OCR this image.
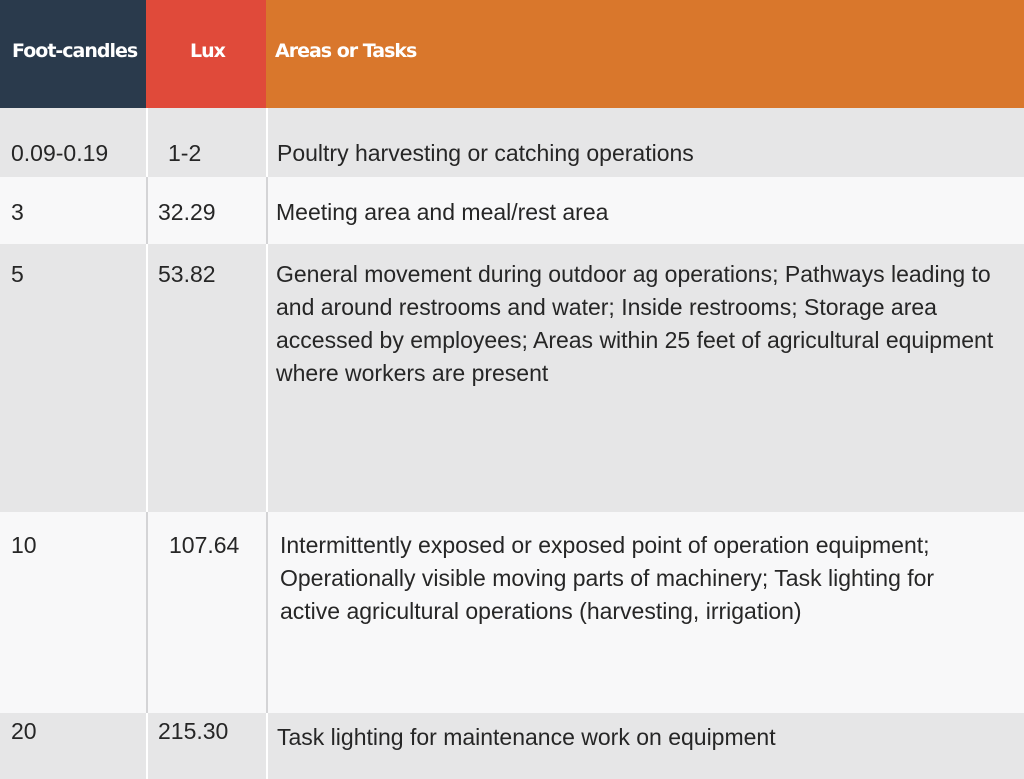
Foot-candles	Lux	Areas or Tasks
0.09-0.19	1-2	Poultry harvesting or catching operations
3	32.29	Meeting area and meal/rest area
5	53.82	General movement during outdoor ag operations; Pathways leading to and around restrooms and water; Inside restrooms; Storage area accessed by employees; Areas within 25 feet of agricultural equipment where workers are present
10	107.64	Intermittently exposed or exposed point of operation equipment; Operationally visible moving parts of machinery; Task lighting for active agricultural operations (harvesting, irrigation)
20	215.30	Task lighting for maintenance work on equipment
